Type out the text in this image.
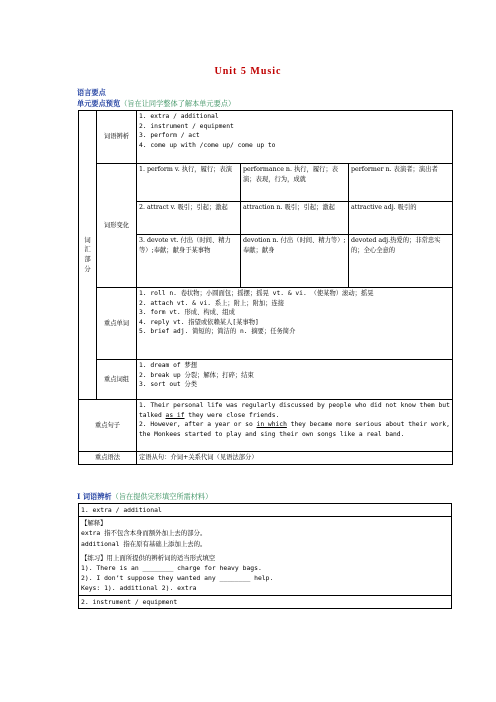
Unit 5 Music
语言要点
单元要点预览（旨在让同学整体了解本单元要点）
词
汇
部
分	词语辨析	1. extra / additional
2. instrument / equipment
3. perform / act
4. come up with /come up/ come up to		

	词形变化	1. perform v. 执行，履行；表演	performance n. 执行，履行；表演；表现，行为，成就	performer n. 表演者；演出者
		2. attract v. 吸引；引起；激起	attraction n. 吸引；引起；激起	attractive adj. 吸引的
		3. devote vt. 付出（时间、精力等）;奉献；献身于某事物	devotion n. 付出（时间、精力等）;奉献；献身	devoted adj.热爱的；非常忠实的；全心全意的

	重点单词	1. roll n. 卷状物；小圆面包；摇摆；摇晃 vt. & vi. （使某物）滚动；摇晃
2. attach vt. & vi. 系上；附上；附加；连接
3. form vt. 形成、构成、组成
4. reply vt. 指望或依赖某人[某事物]
5. brief adj. 简短的；简洁的 n. 摘要；任务简介		

	重点词组	1. dream of 梦想
2. break up 分裂；解体；打碎；结束
3. sort out 分类		

重点句子		1. Their personal life was regularly discussed by people who did not know them but talked as if they were close friends.
2. However, after a year or so in which they became more serious about their work, the Monkees started to play and sing their own songs like a real band.		

重点语法		定语从句：介词+关系代词（见语法部分）		
Ⅰ 词语辨析（旨在提供完形填空所需材料）
1. extra / additional

【解释】
extra 指不包含本身而额外加上去的部分。
additional 指在原有基础上添加上去的。
【练习】用上面所提供的辨析词的适当形式填空
1). There is an ________ charge for heavy bags.
2). I don’t suppose they wanted any ________ help.
Keys: 1). additional 2). extra

2. instrument / equipment
